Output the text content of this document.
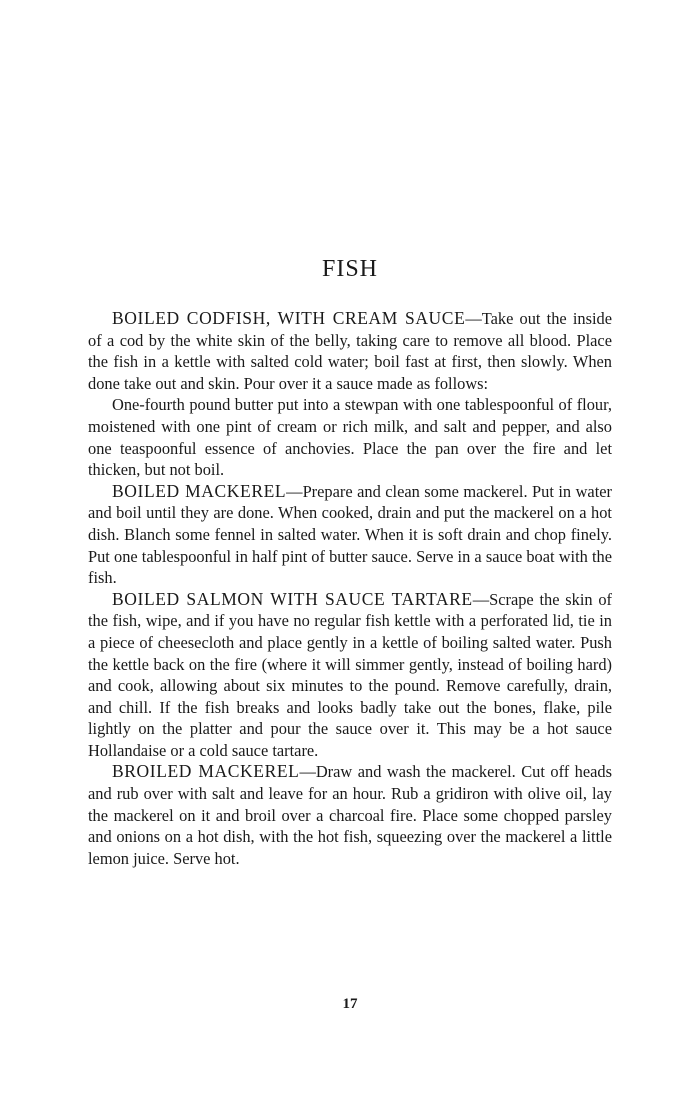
FISH

BOILED CODFISH, WITH CREAM SAUCE—Take out the inside of a cod by the white skin of the belly, taking care to remove all blood. Place the fish in a kettle with salted cold water; boil fast at first, then slowly. When done take out and skin. Pour over it a sauce made as follows:

One-fourth pound butter put into a stewpan with one tablespoonful of flour, moistened with one pint of cream or rich milk, and salt and pepper, and also one teaspoonful essence of anchovies. Place the pan over the fire and let thicken, but not boil.

BOILED MACKEREL—Prepare and clean some mackerel. Put in water and boil until they are done. When cooked, drain and put the mackerel on a hot dish. Blanch some fennel in salted water. When it is soft drain and chop finely. Put one tablespoonful in half pint of butter sauce. Serve in a sauce boat with the fish.

BOILED SALMON WITH SAUCE TARTARE—Scrape the skin of the fish, wipe, and if you have no regular fish kettle with a perforated lid, tie in a piece of cheesecloth and place gently in a kettle of boiling salted water. Push the kettle back on the fire (where it will simmer gently, instead of boiling hard) and cook, allowing about six minutes to the pound. Remove carefully, drain, and chill. If the fish breaks and looks badly take out the bones, flake, pile lightly on the platter and pour the sauce over it. This may be a hot sauce Hollandaise or a cold sauce tartare.

BROILED MACKEREL—Draw and wash the mackerel. Cut off heads and rub over with salt and leave for an hour. Rub a gridiron with olive oil, lay the mackerel on it and broil over a charcoal fire. Place some chopped parsley and onions on a hot dish, with the hot fish, squeezing over the mackerel a little lemon juice. Serve hot.

17
